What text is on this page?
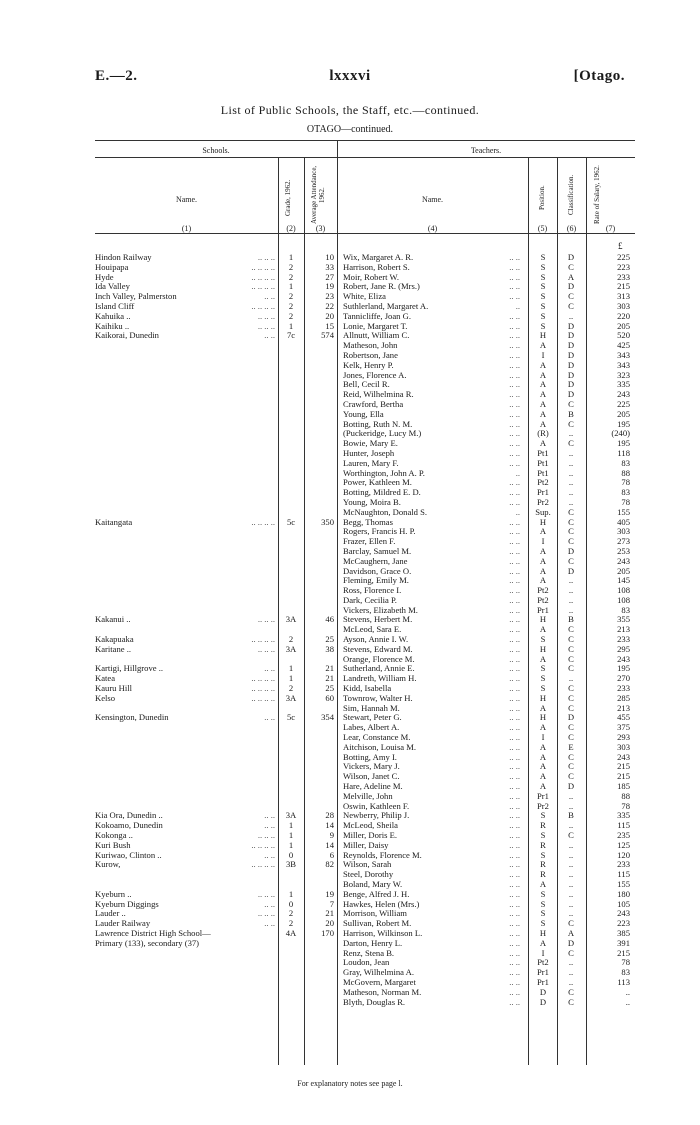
E.—2.	lxxxvi	[Otago.
List of Public Schools, the Staff, etc.—continued.
OTAGO—continued.
Schools.	Teachers.
Name.	Grade, 1962.	Average Attendance, 1962.	Name.	Position.	Classification.	Rate of Salary, 1962.
(1)	(2)	(3)	(4)	(5)	(6)	(7)
£
Hindon Railway	.. .. ..	1	10 Wix, Margaret A. R.	.. ..	S	D	225
Houipapa	.. .. .. ..	2	33 Harrison, Robert S.	.. ..	S	C	223
Hyde	.. .. .. ..	2	27 Moir, Robert W.	.. ..	S	A	233
Ida Valley	.. .. .. ..	1	19 Robert, Jane R. (Mrs.)	.. ..	S	D	215
Inch Valley, Palmerston	.. ..	2	23 White, Eliza	.. ..	S	C	313
Island Cliff	.. .. .. ..	2	22 Suthlerland, Margaret A.	..	S	C	303
Kahuika ..	.. .. ..	2	20 Tannicliffe, Joan G.	.. ..	S	..	220
Kaihiku ..	.. .. ..	1	15 Lonie, Margaret T.	.. ..	S	D	205
Kaikorai, Dunedin	.. ..	7c	574 Allnutt, William C.	.. ..	H	D	520
Matheson, John	.. ..	A	D	425
Robertson, Jane	.. ..	I	D	343
Kelk, Henry P.	.. ..	A	D	343
Jones, Florence A.	.. ..	A	D	323
Bell, Cecil R.	.. ..	A	D	335
Reid, Wilhelmina R.	.. ..	A	D	243
Crawford, Bertha	.. ..	A	C	225
Young, Ella	.. ..	A	B	205
Botting, Ruth N. M.	.. ..	A	C	195
(Puckeridge, Lucy M.)	.. ..	(R)	..	(240)
Bowie, Mary E.	.. ..	A	C	195
Hunter, Joseph	.. ..	Pt1	..	118
Lauren, Mary F.	.. ..	Pt1	..	83
Worthington, John A. P.	..	Pt1	..	88
Power, Kathleen M.	.. ..	Pt2	..	78
Botting, Mildred E. D.	.. ..	Pr1	..	83
Young, Moira B.	.. ..	Pr2	..	78
McNaughton, Donald S.	..	Sup.	C	155
Kaitangata	.. .. .. ..	5c	350 Begg, Thomas	.. ..	H	C	405
Rogers, Francis H. P.	.. ..	A	C	303
Frazer, Ellen F.	.. ..	I	C	273
Barclay, Samuel M.	.. ..	A	D	253
McCaughern, Jane	.. ..	A	C	243
Davidson, Grace O.	.. ..	A	D	205
Fleming, Emily M.	.. ..	A	..	145
Ross, Florence I.	.. ..	Pt2	..	108
Dark, Cecilia P.	.. ..	Pt2	..	108
Vickers, Elizabeth M.	.. ..	Pr1	..	83
Kakanui ..	.. .. ..	3A	46 Stevens, Herbert M.	.. ..	H	B	355
McLeod, Sara E.	.. ..	A	C	213
Kakapuaka	.. .. .. ..	2	25 Ayson, Annie I. W.	.. ..	S	C	233
Karitane ..	.. .. ..	3A	38 Stevens, Edward M.	.. ..	H	C	295
Orange, Florence M.	.. ..	A	C	243
Kartigi, Hillgrove ..	.. ..	1	21 Sutherland, Annie E.	.. ..	S	C	195
Katea	.. .. .. ..	1	21 Landreth, William H.	.. ..	S	..	270
Kauru Hill	.. .. .. ..	2	25 Kidd, Isabella	.. ..	S	C	233
Kelso	.. .. .. ..	3A	60 Townrow, Walter H.	.. ..	H	C	285
Sim, Hannah M.	.. ..	A	C	213
Kensington, Dunedin	.. ..	5c	354 Stewart, Peter G.	.. ..	H	D	455
Labes, Albert A.	.. ..	A	C	375
Lear, Constance M.	.. ..	I	C	293
Aitchison, Louisa M.	.. ..	A	E	303
Botting, Amy I.	.. ..	A	C	243
Vickers, Mary J.	.. ..	A	C	215
Wilson, Janet C.	.. ..	A	C	215
Hare, Adeline M.	.. ..	A	D	185
Melville, John	.. ..	Pr1	..	88
Oswin, Kathleen F.	.. ..	Pr2	..	78
Kia Ora, Dunedin ..	.. ..	3A	28 Newberry, Philip J.	.. ..	S	B	335
Kokoamo, Dunedin	.. ..	1	14 McLeod, Sheila	.. ..	R	..	115
Kokonga ..	.. .. ..	1	9 Miller, Doris E.	.. ..	S	C	235
Kuri Bush	.. .. .. ..	1	14 Miller, Daisy	.. ..	R	..	125
Kuriwao, Clinton ..	.. ..	0	6 Reynolds, Florence M.	.. ..	S	..	120
Kurow,	.. .. .. ..	3B	82 Wilson, Sarah	.. ..	R	..	233
Steel, Dorothy	.. ..	R	..	115
Boland, Mary W.	.. ..	A	..	155
Kyeburn ..	.. .. ..	1	19 Benge, Alfred J. H.	.. ..	S	..	180
Kyeburn Diggings	.. ..	0	7 Hawkes, Helen (Mrs.)	.. ..	S	..	105
Lauder ..	.. .. ..	2	21 Morrison, William	.. ..	S	..	243
Lauder Railway	.. ..	2	20 Sullivan, Robert M.	.. ..	S	C	223
Lawrence District High School—	4A	170 Harrison, Wilkinson L.	.. ..	H	A	385
Primary (133), secondary (37)	Darton, Henry L.	.. ..	A	D	391
Renz, Stena B.	.. ..	I	C	215
Loudon, Jean	.. ..	Pt2	..	78
Gray, Wilhelmina A.	.. ..	Pr1	..	83
McGovern, Margaret	.. ..	Pr1	..	113
Matheson, Norman M.	.. ..	D	C	..
Blyth, Douglas R.	.. ..	D	C	..
For explanatory notes see page l.
